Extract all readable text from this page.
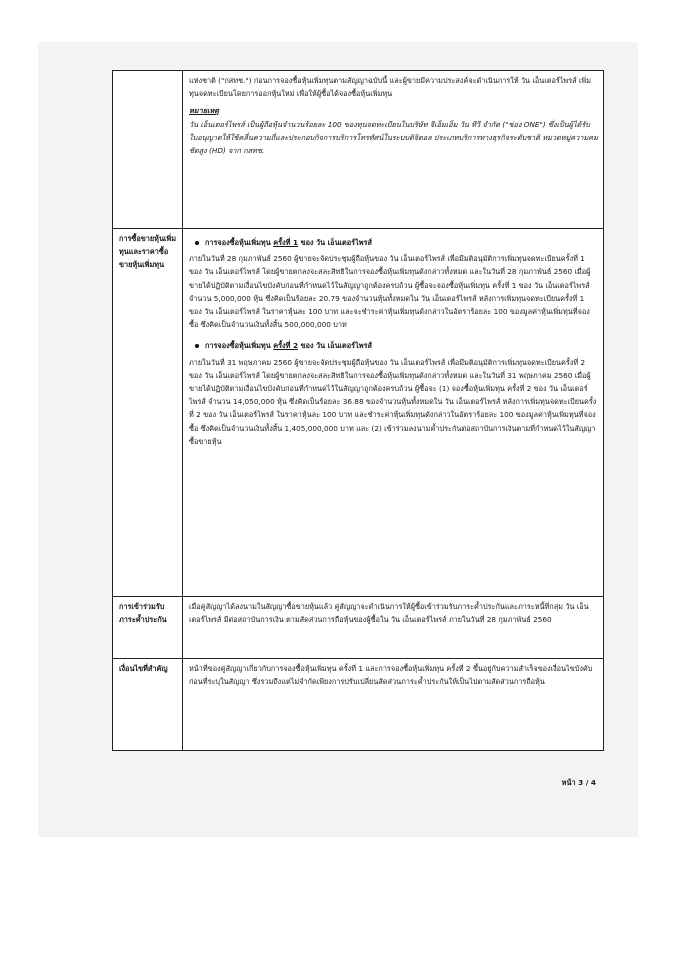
	แห่งชาติ ("กสทช.") ก่อนการจองซื้อหุ้นเพิ่มทุนตามสัญญาฉบับนี้ และผู้ขายมีความประสงค์จะดำเนินการให้ วัน เอ็นเตอร์ไพรส์ เพิ่มทุนจดทะเบียนโดยการออกหุ้นใหม่ เพื่อให้ผู้ซื้อได้จองซื้อหุ้นเพิ่มทุน

หมายเหตุ

วัน เอ็นเตอร์ไพรส์ เป็นผู้ถือหุ้นจำนวนร้อยละ 100 ของทุนจดทะเบียนในบริษัท จีเอ็มเอ็ม วัน ทีวี จำกัด ("ช่อง ONE") ซึ่งเป็นผู้ได้รับใบอนุญาตให้ใช้คลื่นความถี่และประกอบกิจการบริการโทรทัศน์ในระบบดิจิตอล ประเภทบริการทางธุรกิจระดับชาติ หมวดหมู่ความคมชัดสูง (HD) จาก กสทช.

การซื้อขายหุ้นเพิ่มทุนและราคาซื้อขายหุ้นเพิ่มทุน	การจองซื้อหุ้นเพิ่มทุน ครั้งที่ 1 ของ วัน เอ็นเตอร์ไพรส์

ภายในวันที่ 28 กุมภาพันธ์ 2560 ผู้ขายจะจัดประชุมผู้ถือหุ้นของ วัน เอ็นเตอร์ไพรส์ เพื่อมีมติอนุมัติการเพิ่มทุนจดทะเบียนครั้งที่ 1 ของ วัน เอ็นเตอร์ไพรส์ โดยผู้ขายตกลงจะสละสิทธิในการจองซื้อหุ้นเพิ่มทุนดังกล่าวทั้งหมด และในวันที่ 28 กุมภาพันธ์ 2560 เมื่อผู้ขายได้ปฏิบัติตามเงื่อนไขบังคับก่อนที่กำหนดไว้ในสัญญาถูกต้องครบถ้วน ผู้ซื้อจะจองซื้อหุ้นเพิ่มทุน ครั้งที่ 1 ของ วัน เอ็นเตอร์ไพรส์ จำนวน 5,000,000 หุ้น ซึ่งคิดเป็นร้อยละ 20.79 ของจำนวนหุ้นทั้งหมดใน วัน เอ็นเตอร์ไพรส์ หลังการเพิ่มทุนจดทะเบียนครั้งที่ 1 ของ วัน เอ็นเตอร์ไพรส์ ในราคาหุ้นละ 100 บาท และจะชำระค่าหุ้นเพิ่มทุนดังกล่าวในอัตราร้อยละ 100 ของมูลค่าหุ้นเพิ่มทุนที่จองซื้อ ซึ่งคิดเป็นจำนวนเงินทั้งสิ้น 500,000,000 บาท

การจองซื้อหุ้นเพิ่มทุน ครั้งที่ 2 ของ วัน เอ็นเตอร์ไพรส์

ภายในวันที่ 31 พฤษภาคม 2560 ผู้ขายจะจัดประชุมผู้ถือหุ้นของ วัน เอ็นเตอร์ไพรส์ เพื่อมีมติอนุมัติการเพิ่มทุนจดทะเบียนครั้งที่ 2 ของ วัน เอ็นเตอร์ไพรส์ โดยผู้ขายตกลงจะสละสิทธิในการจองซื้อหุ้นเพิ่มทุนดังกล่าวทั้งหมด และในวันที่ 31 พฤษภาคม 2560 เมื่อผู้ขายได้ปฏิบัติตามเงื่อนไขบังคับก่อนที่กำหนดไว้ในสัญญาถูกต้องครบถ้วน ผู้ซื้อจะ (1) จองซื้อหุ้นเพิ่มทุน ครั้งที่ 2 ของ วัน เอ็นเตอร์ไพรส์ จำนวน 14,050,000 หุ้น ซึ่งคิดเป็นร้อยละ 36.88 ของจำนวนหุ้นทั้งหมดใน วัน เอ็นเตอร์ไพรส์ หลังการเพิ่มทุนจดทะเบียนครั้งที่ 2 ของ วัน เอ็นเตอร์ไพรส์ ในราคาหุ้นละ 100 บาท และชำระค่าหุ้นเพิ่มทุนดังกล่าวในอัตราร้อยละ 100 ของมูลค่าหุ้นเพิ่มทุนที่จองซื้อ ซึ่งคิดเป็นจำนวนเงินทั้งสิ้น 1,405,000,000 บาท และ (2) เข้าร่วมลงนามค้ำประกันต่อสถาบันการเงินตามที่กำหนดไว้ในสัญญาซื้อขายหุ้น

การเข้าร่วมรับภาระค้ำประกัน	เมื่อคู่สัญญาได้ลงนามในสัญญาซื้อขายหุ้นแล้ว คู่สัญญาจะดำเนินการให้ผู้ซื้อเข้าร่วมรับภาระค้ำประกันและภาระหนี้ที่กลุ่ม วัน เอ็นเตอร์ไพรส์ มีต่อสถาบันการเงิน ตามสัดส่วนการถือหุ้นของผู้ซื้อใน วัน เอ็นเตอร์ไพรส์ ภายในวันที่ 28 กุมภาพันธ์ 2560
เงื่อนไขที่สำคัญ	หน้าที่ของคู่สัญญาเกี่ยวกับการจองซื้อหุ้นเพิ่มทุน ครั้งที่ 1 และการจองซื้อหุ้นเพิ่มทุน ครั้งที่ 2 ขึ้นอยู่กับความสำเร็จของเงื่อนไขบังคับก่อนที่ระบุในสัญญา ซึ่งรวมถึงแต่ไม่จำกัดเพียงการปรับเปลี่ยนสัดส่วนภาระค้ำประกันให้เป็นไปตามสัดส่วนการถือหุ้น
หน้า 3 / 4
